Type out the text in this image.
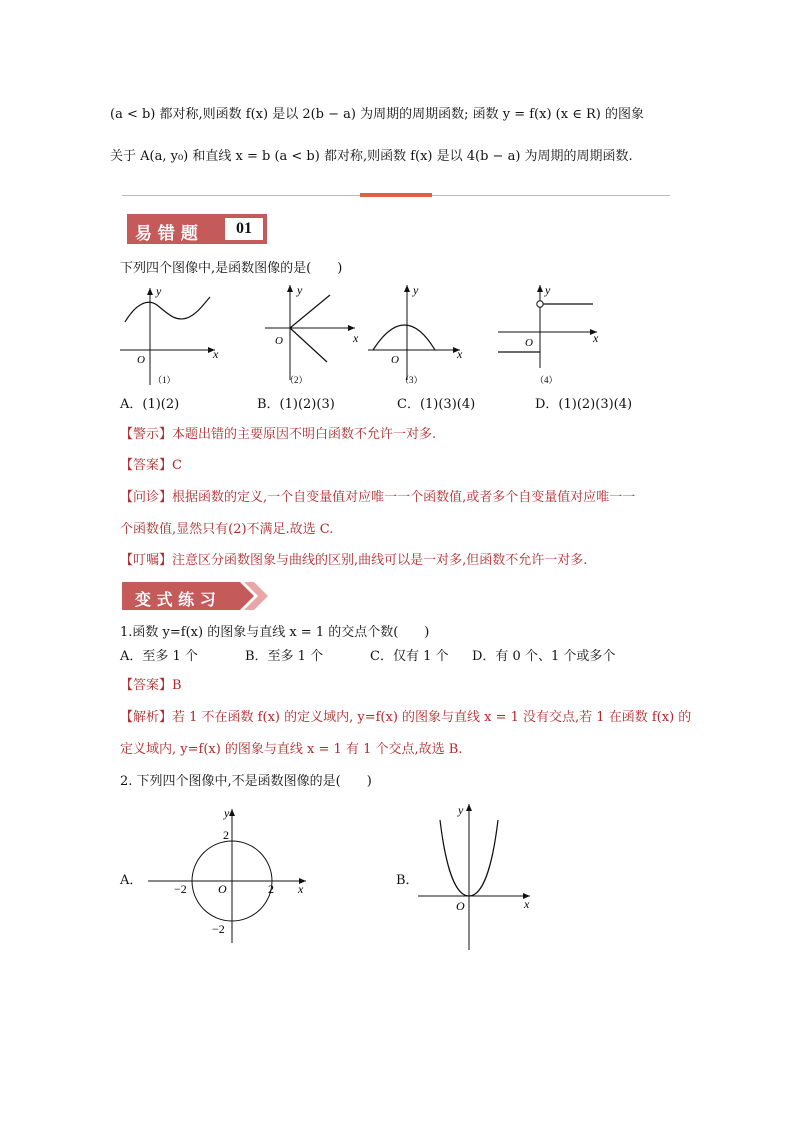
(a < b) 都对称,则函数 f(x) 是以 2(b − a) 为周期的周期函数; 函数 y = f(x) (x ∈ R) 的图象
关于 A(a, y₀) 和直线 x = b (a < b) 都对称,则函数 f(x) 是以 4(b − a) 为周期的周期函数.
易 错 题	01
下列四个图像中,是函数图像的是(　　)
y
x
O
（1）
y
x
O
（2）
y
x
O
（3）
y
x
O
（4）
A．(1)(2)	B．(1)(2)(3)	C．(1)(3)(4)	D．(1)(2)(3)(4)
【警示】本题出错的主要原因不明白函数不允许一对多.
【答案】C
【问诊】根据函数的定义,一个自变量值对应唯一一个函数值,或者多个自变量值对应唯一一
个函数值,显然只有(2)不满足.故选 C.
【叮嘱】注意区分函数图象与曲线的区别,曲线可以是一对多,但函数不允许一对多.
变 式 练 习
1.函数 y=f(x) 的图象与直线 x = 1 的交点个数(　　)
A．至多 1 个	B．至多 1 个	C．仅有 1 个 D．有 0 个、1 个或多个
【答案】B
【解析】若 1 不在函数 f(x) 的定义域内, y=f(x) 的图象与直线 x = 1 没有交点,若 1 在函数 f(x) 的
定义域内, y=f(x) 的图象与直线 x = 1 有 1 个交点,故选 B.
2. 下列四个图像中,不是函数图像的是(　　)
A．
2
−2
−2	2
O
y
x
B．
y
x
O
